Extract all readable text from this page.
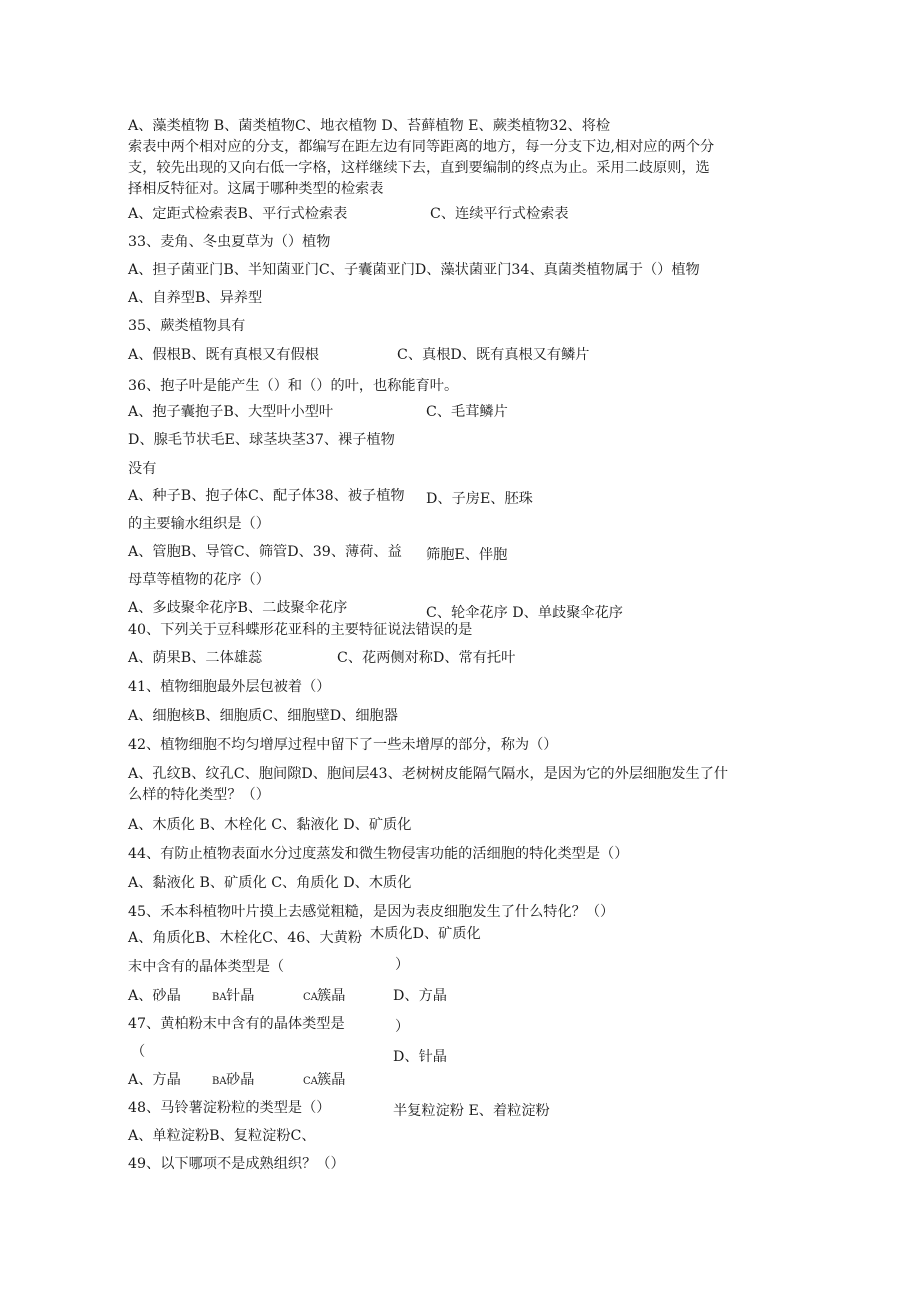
A、藻类植物 B、菌类植物C、地衣植物 D、苔藓植物 E、蕨类植物32、将检
索表中两个相对应的分支，都编写在距左边有同等距离的地方，每一分支下边,相对应的两个分
支，较先出现的又向右低一字格，这样继续下去，直到要编制的终点为止。采用二歧原则，选
择相反特征对。这属于哪种类型的检索表
A、定距式检索表B、平行式检索表	C、连续平行式检索表
33、麦角、冬虫夏草为（）植物
A、担子菌亚门B、半知菌亚门C、子囊菌亚门D、藻状菌亚门34、真菌类植物属于（）植物
A、自养型B、异养型
35、蕨类植物具有
A、假根B、既有真根又有假根	C、真根D、既有真根又有鳞片
36、抱子叶是能产生（）和（）的叶，也称能育叶。
A、抱子囊抱子B、大型叶小型叶	C、毛茸鳞片
D、腺毛节状毛E、球茎块茎37、裸子植物
没有
A、种子B、抱子体C、配子体38、被子植物 D、子房E、胚珠
的主要输水组织是（）
A、管胞B、导管C、筛管D、39、薄荷、益 筛胞E、伴胞
母草等植物的花序（）
A、多歧聚伞花序B、二歧聚伞花序	C、轮伞花序 D、单歧聚伞花序
40、下列关于豆科蝶形花亚科的主要特征说法错误的是
A、荫果B、二体雄蕊	C、花两侧对称D、常有托叶
41、植物细胞最外层包被着（）
A、细胞核B、细胞质C、细胞壁D、细胞器
42、植物细胞不均匀增厚过程中留下了一些未增厚的部分，称为（）
A、孔纹B、纹孔C、胞间隙D、胞间层43、老树树皮能隔气隔水，是因为它的外层细胞发生了什
么样的特化类型？（）
A、木质化 B、木栓化 C、黏液化 D、矿质化
44、有防止植物表面水分过度蒸发和微生物侵害功能的活细胞的特化类型是（）
A、黏液化 B、矿质化 C、角质化 D、木质化
45、禾本科植物叶片摸上去感觉粗糙，是因为表皮细胞发生了什么特化？（）
A、角质化B、木栓化C、46、大黄粉 木质化D、矿质化
末中含有的晶体类型是（	）
A、砂晶	BA 针晶	CA 簇晶	D、方晶
47、黄柏粉末中含有的晶体类型是	）
（	D、针晶
A、方晶	BA 砂晶	CA 簇晶
48、马铃薯淀粉粒的类型是（）	半复粒淀粉 E、着粒淀粉
A、单粒淀粉B、复粒淀粉C、
49、以下哪项不是成熟组织？（）
